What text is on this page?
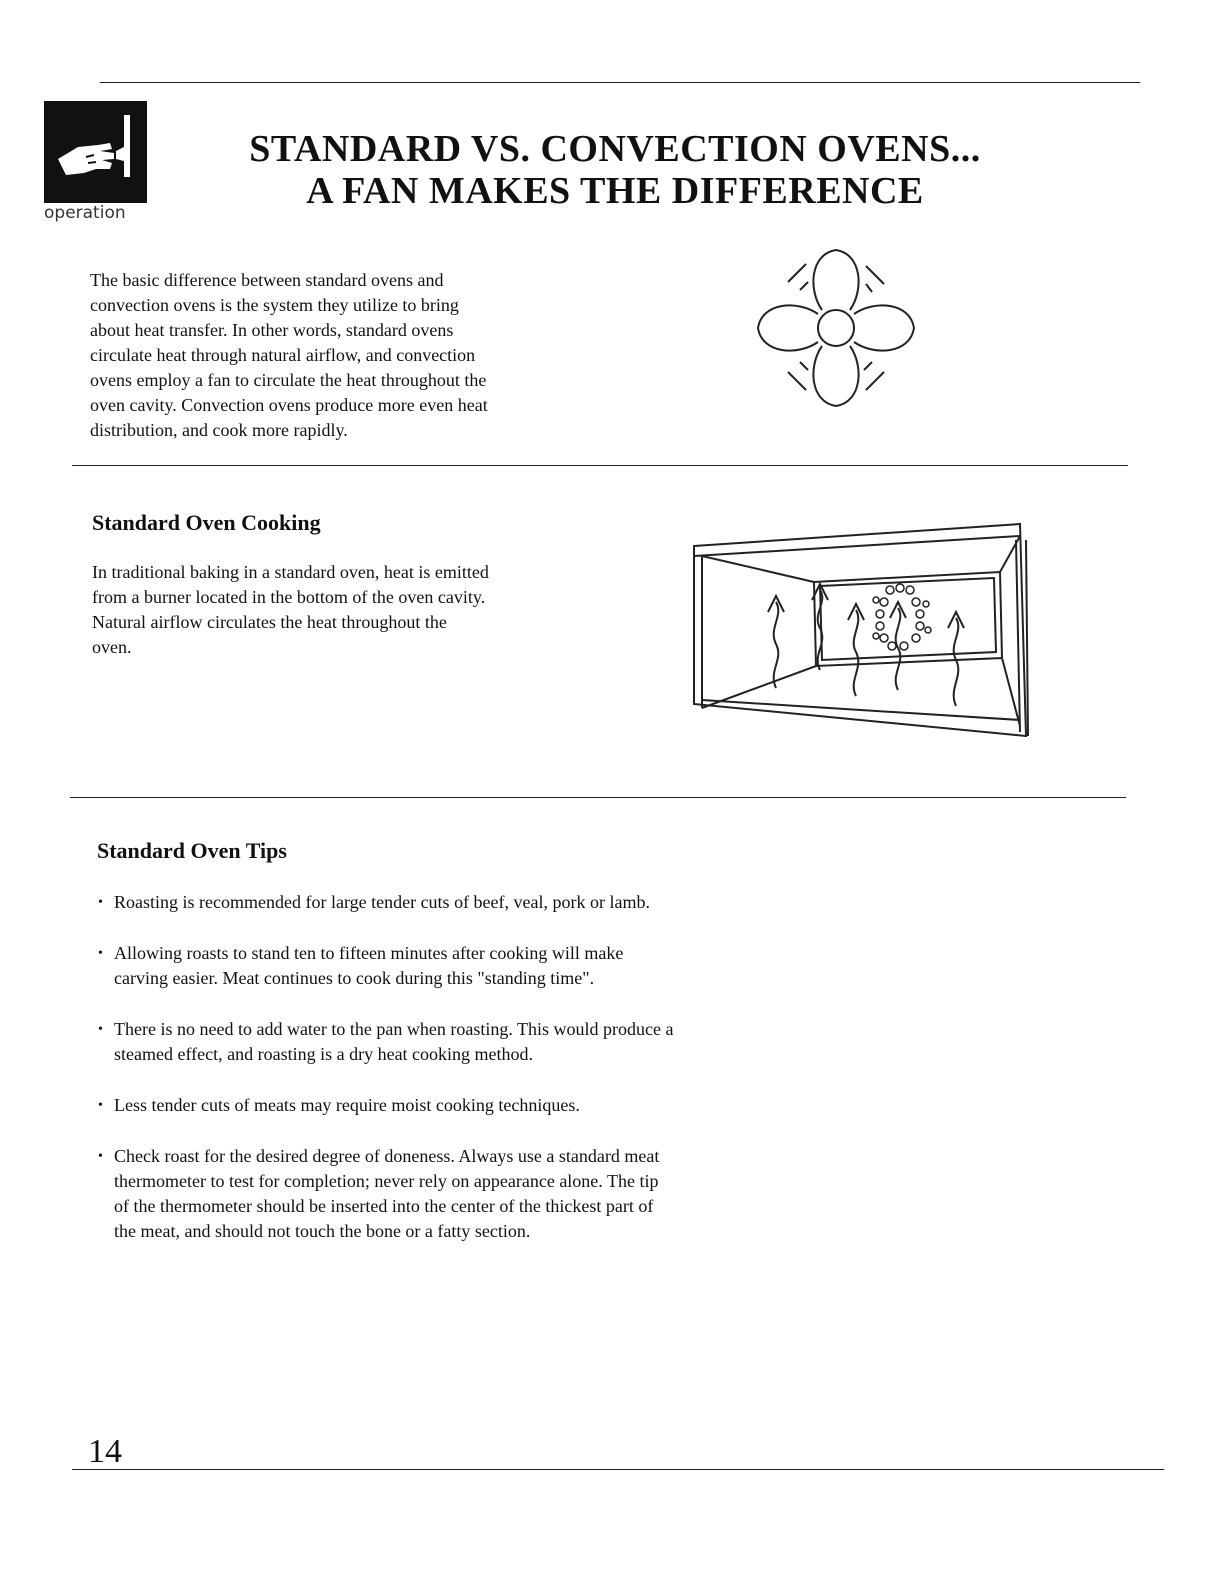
operation
STANDARD VS. CONVECTION OVENS...
A FAN MAKES THE DIFFERENCE
The basic difference between standard ovens and
convection ovens is the system they utilize to bring
about heat transfer. In other words, standard ovens
circulate heat through natural airflow, and convection
ovens employ a fan to circulate the heat throughout the
oven cavity. Convection ovens produce more even heat
distribution, and cook more rapidly.
Standard Oven Cooking
In traditional baking in a standard oven, heat is emitted
from a burner located in the bottom of the oven cavity.
Natural airflow circulates the heat throughout the
oven.
Standard Oven Tips
• Roasting is recommended for large tender cuts of beef, veal, pork or lamb.
• Allowing roasts to stand ten to fifteen minutes after cooking will make
carving easier. Meat continues to cook during this "standing time".
• There is no need to add water to the pan when roasting. This would produce a
steamed effect, and roasting is a dry heat cooking method.
• Less tender cuts of meats may require moist cooking techniques.
• Check roast for the desired degree of doneness. Always use a standard meat
thermometer to test for completion; never rely on appearance alone. The tip
of the thermometer should be inserted into the center of the thickest part of
the meat, and should not touch the bone or a fatty section.
14
